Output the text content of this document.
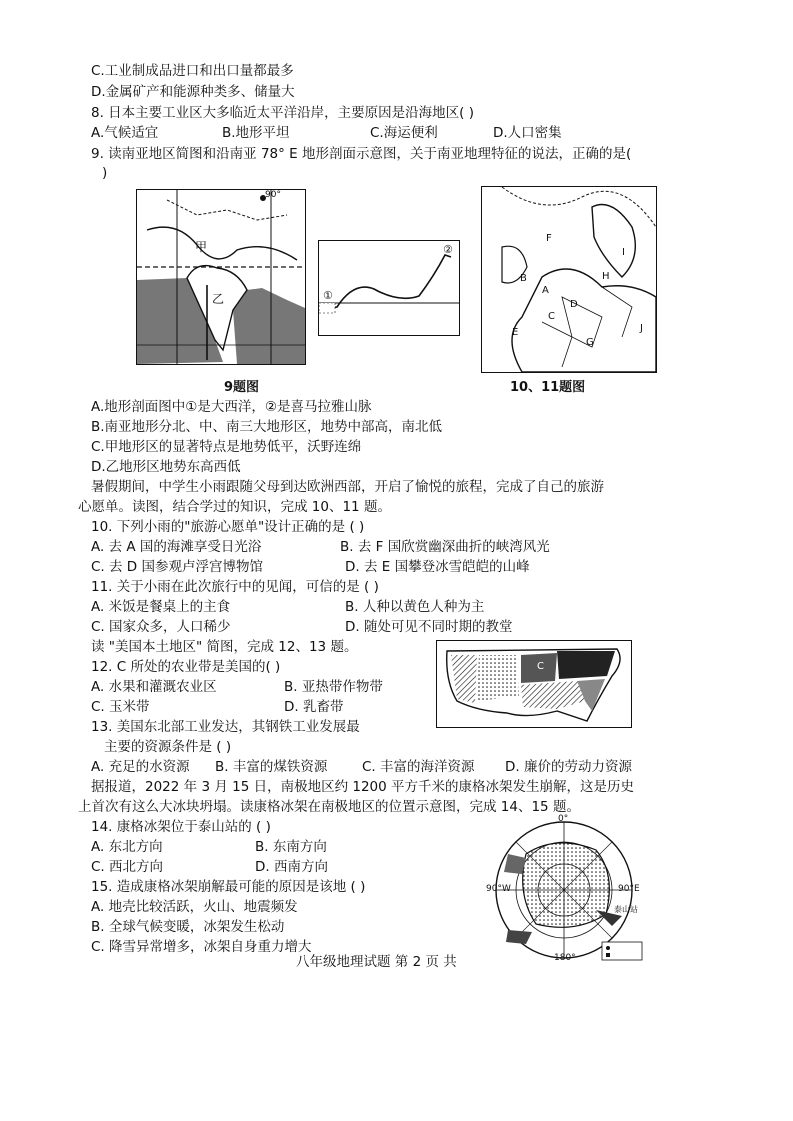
C.工业制成品进口和出口量都最多
D.金属矿产和能源种类多、储量大
8. 日本主要工业区大多临近太平洋沿岸，主要原因是沿海地区( )
A.气候适宜	B.地形平坦	C.海运便利	D.人口密集
9. 读南亚地区简图和沿南亚 78° E 地形剖面示意图，关于南亚地理特征的说法，正确的是(
)
甲
乙
90°
①
②
9题图
A
B
C
D
E
F
G
H
I
J
10、11题图
A.地形剖面图中①是大西洋，②是喜马拉雅山脉
B.南亚地形分北、中、南三大地形区，地势中部高，南北低
C.甲地形区的显著特点是地势低平，沃野连绵
D.乙地形区地势东高西低
暑假期间，中学生小雨跟随父母到达欧洲西部，开启了愉悦的旅程，完成了自己的旅游
心愿单。读图，结合学过的知识，完成 10、11 题。
10. 下列小雨的"旅游心愿单"设计正确的是 ( )
A. 去 A 国的海滩享受日光浴	B. 去 F 国欣赏幽深曲折的峡湾风光
C. 去 D 国参观卢浮宫博物馆	D. 去 E 国攀登冰雪皑皑的山峰
11. 关于小雨在此次旅行中的见闻，可信的是 ( )
A. 米饭是餐桌上的主食	B. 人种以黄色人种为主
C. 国家众多，人口稀少	D. 随处可见不同时期的教堂
读 "美国本土地区" 简图，完成 12、13 题。
C
12. C 所处的农业带是美国的( )
A. 水果和灌溉农业区	B. 亚热带作物带
C. 玉米带	D. 乳畜带
13. 美国东北部工业发达，其钢铁工业发展最
主要的资源条件是 ( )
A. 充足的水资源 B. 丰富的煤铁资源	C. 丰富的海洋资源 D. 廉价的劳动力资源
据报道，2022 年 3 月 15 日，南极地区约 1200 平方千米的康格冰架发生崩解，这是历史
上首次有这么大冰块坍塌。读康格冰架在南极地区的位置示意图，完成 14、15 题。
14. 康格冰架位于泰山站的 ( )
A. 东北方向	B. 东南方向
C. 西北方向	D. 西南方向
15. 造成康格冰架崩解最可能的原因是该地 ( )
A. 地壳比较活跃，火山、地震频发
B. 全球气候变暖，冰架发生松动
C. 降雪异常增多，冰架自身重力增大
0°
180°
90°W	90°E
泰山站
八年级地理试题 第 2 页 共
